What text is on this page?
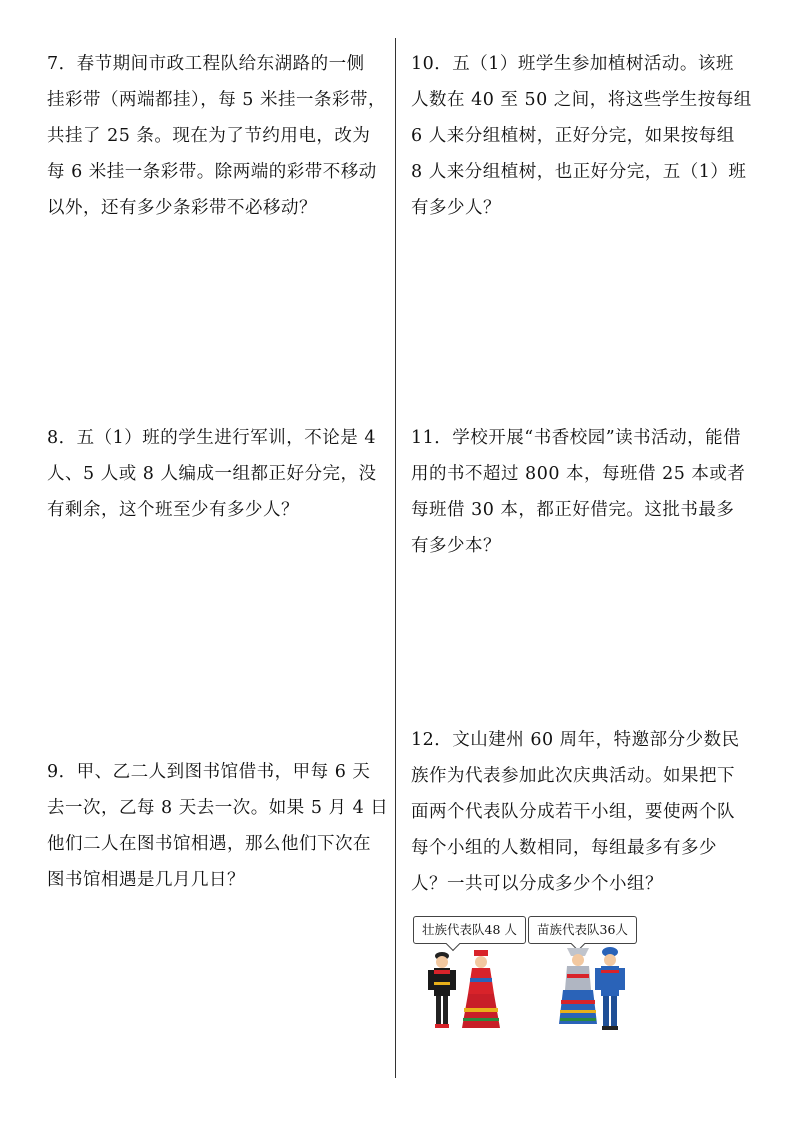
7．春节期间市政工程队给东湖路的一侧
挂彩带（两端都挂），每 5 米挂一条彩带，
共挂了 25 条。现在为了节约用电，改为
每 6 米挂一条彩带。除两端的彩带不移动
以外，还有多少条彩带不必移动？
8．五（1）班的学生进行军训，不论是 4
人、5 人或 8 人编成一组都正好分完，没
有剩余，这个班至少有多少人？
9．甲、乙二人到图书馆借书，甲每 6 天
去一次，乙每 8 天去一次。如果 5 月 4 日
他们二人在图书馆相遇，那么他们下次在
图书馆相遇是几月几日？
10．五（1）班学生参加植树活动。该班
人数在 40 至 50 之间，将这些学生按每组
6 人来分组植树，正好分完，如果按每组
8 人来分组植树，也正好分完，五（1）班
有多少人？
11．学校开展“书香校园”读书活动，能借
用的书不超过 800 本，每班借 25 本或者
每班借 30 本，都正好借完。这批书最多
有多少本？
12．文山建州 60 周年，特邀部分少数民
族作为代表参加此次庆典活动。如果把下
面两个代表队分成若干小组，要使两个队
每个小组的人数相同，每组最多有多少
人？一共可以分成多少个小组？
壮族代表队48 人	苗族代表队36人
